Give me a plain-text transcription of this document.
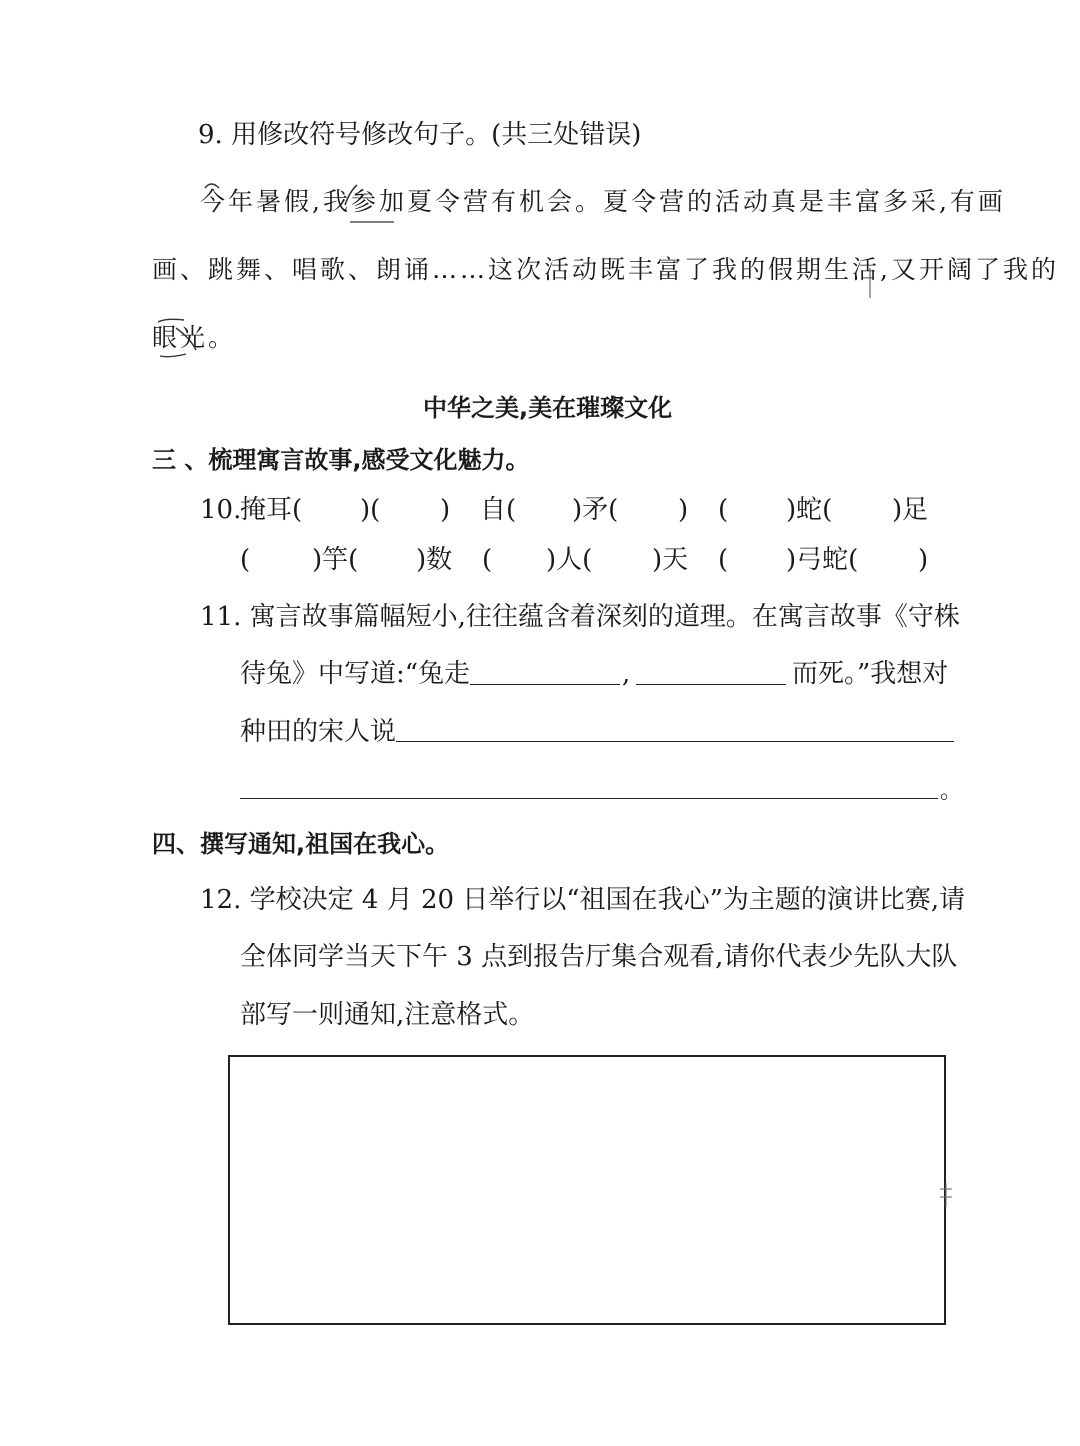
9. 用修改符号修改句子。(共三处错误)
今年暑假,我参加夏令营有机会。夏令营的活动真是丰富多采,有画
画、跳舞、唱歌、朗诵……这次活动既丰富了我的假期生活,又开阔了我的
眼光。
中华之美,美在璀璨文化
三 、梳理寓言故事,感受文化魅力。
10.
掩耳( )( ) 自( )矛( ) ( )蛇( )足
( )竽( )数 ( )人( )天 ( )弓蛇( )
11. 寓言故事篇幅短小,往往蕴含着深刻的道理。在寓言故事《守株
待兔》中写道:“兔走	,	而死。”我想对
种田的宋人说
。
四、撰写通知,祖国在我心。
12. 学校决定 4 月 20 日举行以“祖国在我心”为主题的演讲比赛,请
全体同学当天下午 3 点到报告厅集合观看,请你代表少先队大队
部写一则通知,注意格式。
